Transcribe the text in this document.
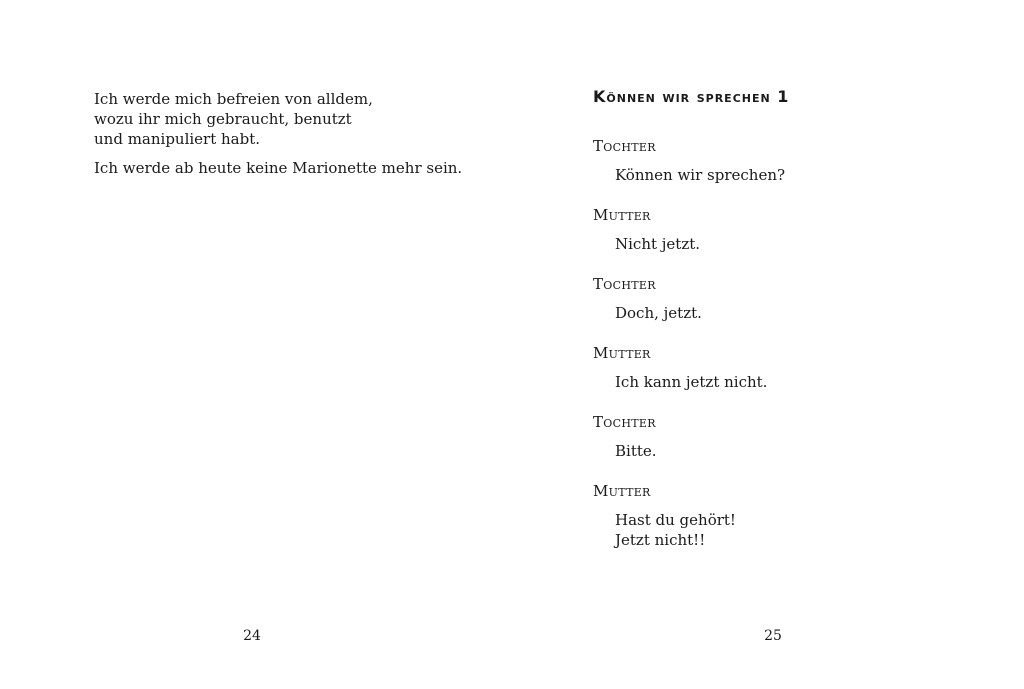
Ich werde mich befreien von alldem,
wozu ihr mich gebraucht, benutzt
und manipuliert habt.

Ich werde ab heute keine Marionette mehr sein.

24
Können wir sprechen 1
Tochter
Können wir sprechen?
Mutter
Nicht jetzt.
Tochter
Doch, jetzt.
Mutter
Ich kann jetzt nicht.
Tochter
Bitte.
Mutter
Hast du gehört!
Jetzt nicht!!
25
